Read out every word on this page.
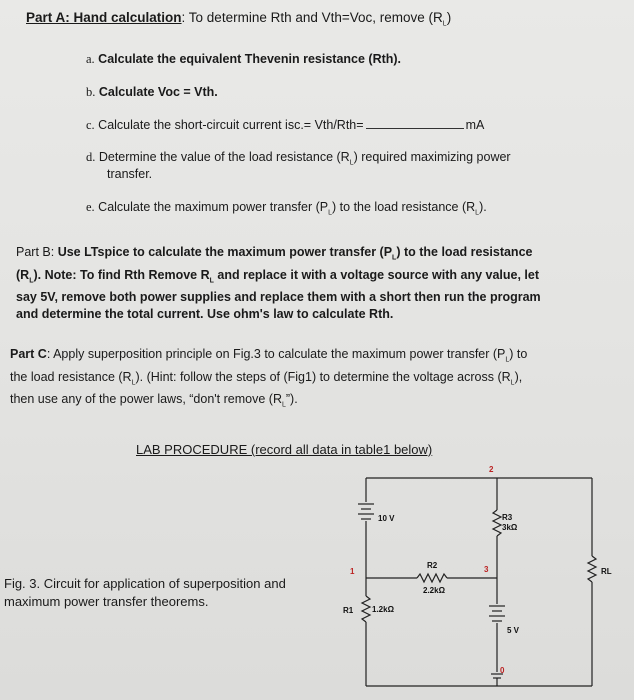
Part A: Hand calculation: To determine Rth and Vth=Voc, remove $(R_L)$
a. Calculate the equivalent Thevenin resistance (Rth).
b. Calculate Voc = Vth.
c. Calculate the short-circuit current isc.= Vth/Rth=	mA
d. Determine the value of the load resistance $(R_L)$ required maximizing power
transfer.
e. Calculate the maximum power transfer $(P_L)$ to the load resistance $(R_L)$.
Part B: Use LTspice to calculate the maximum power transfer $(P_L)$ to the load resistance
$(R_L)$. Note: To find Rth Remove $R_L$ and replace it with a voltage source with any value, let
say 5V, remove both power supplies and replace them with a short then run the program
and determine the total current. Use ohm's law to calculate Rth.
Part C: Apply superposition principle on Fig.3 to calculate the maximum power transfer $(P_L)$ to
the load resistance $(R_L)$. (Hint: follow the steps of (Fig1) to determine the voltage across $(R_L)$,
then use any of the power laws, “don't remove $(R_L”)$.
LAB PROCEDURE (record all data in table1 below)
Fig. 3. Circuit for application of superposition and
maximum power transfer theorems.
10 V
5 V
R1 1.2kΩ
R2
2.2kΩ
R3
3kΩ
RL
0
1
2
3
